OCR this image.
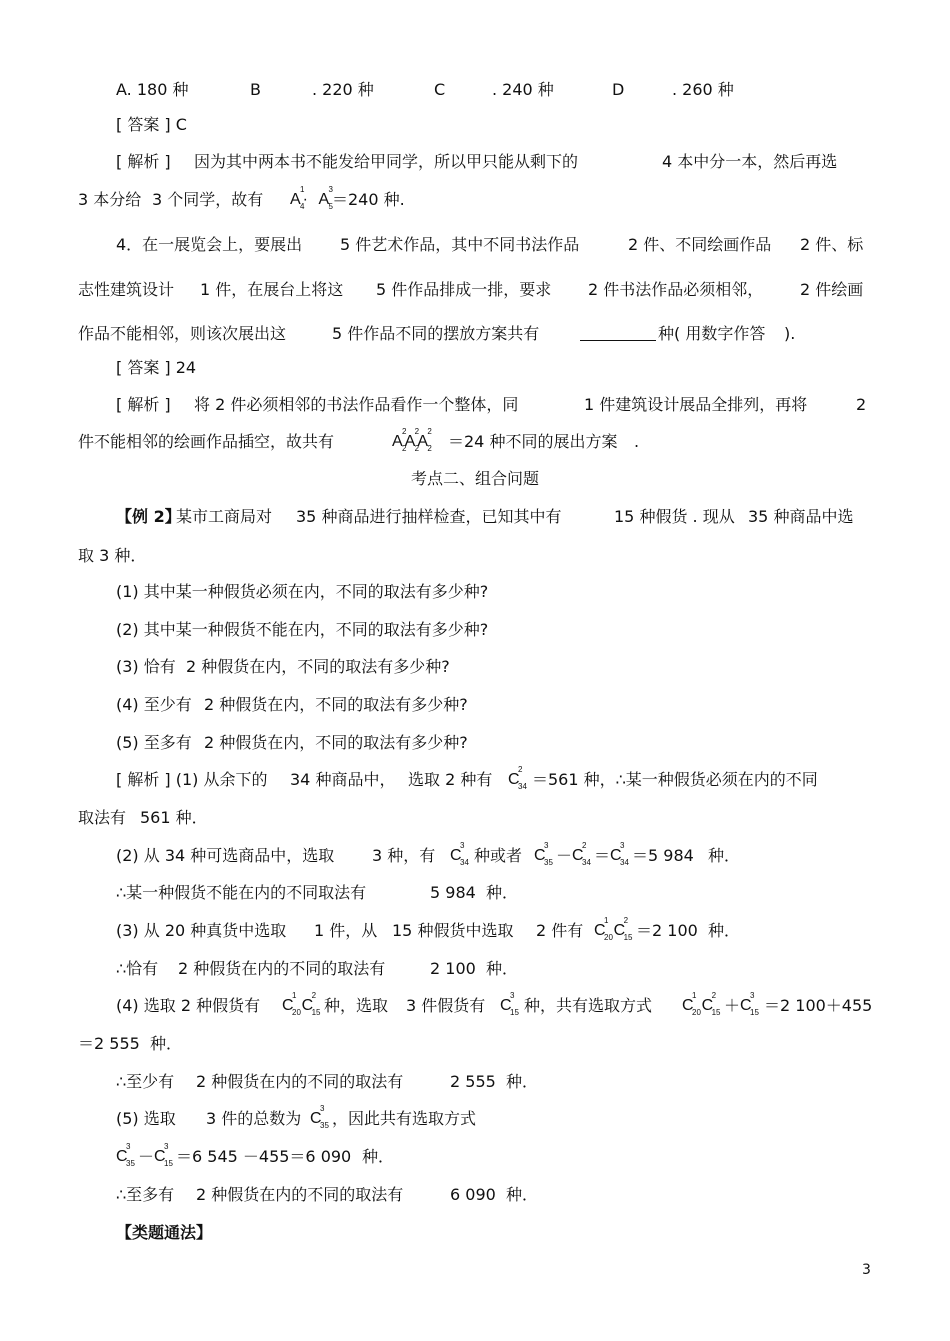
A. 180 种	B	. 220 种	C	. 240 种	D	. 260 种
[ 答案 ] C
[ 解析 ] 因为其中两本书不能发给甲同学，所以甲只能从剩下的	4 本中分一本，然后再选
3 本分给 3 个同学，故有 A
1
4
· A
3
5 ＝240 种.
4．在一展览会上，要展出 5 件艺术作品，其中不同书法作品	2 件、不同绘画作品 2 件、标
志性建筑设计 1 件，在展台上将这 5 件作品排成一排，要求 2 件书法作品必须相邻， 2 件绘画
作品不能相邻，则该次展出这	5 件作品不同的摆放方案共有	种( 用数字作答 ).
[ 答案 ] 24
[ 解析 ] 将 2 件必须相邻的书法作品看作一个整体，同	1 件建筑设计展品全排列，再将	2
件不能相邻的绘画作品插空，故共有	A
2
2
A
2
2
A
2
2 ＝24 种不同的展出方案 .
考点二、组合问题
【例 2】
某市工商局对 35 种商品进行抽样检查，已知其中有	15 种假货 . 现从 35 种商品中选
取 3 种．
(1) 其中某一种假货必须在内，不同的取法有多少种?
(2) 其中某一种假货不能在内，不同的取法有多少种?
(3) 恰有 2 种假货在内，不同的取法有多少种?
(4) 至少有 2 种假货在内，不同的取法有多少种?
(5) 至多有 2 种假货在内，不同的取法有多少种?
[ 解析 ] (1) 从余下的 34 种商品中， 选取 2 种有 C
2
34 ＝561 种，∴某一种假货必须在内的不同
取法有 561 种．
(2) 从 34 种可选商品中，选取 3 种，有 C
3
34 种或者 C
3
35 － C
2
34 ＝ C
3
34 ＝5 984 种．
∴某一种假货不能在内的不同取法有	5 984 种．
(3) 从 20 种真货中选取 1 件，从 15 种假货中选取 2 件有 C
1
20 C
2
15 ＝2 100 种．
∴恰有 2 种假货在内的不同的取法有	2 100 种．
(4) 选取 2 种假货有 C
1
20 C
2
15 种，选取 3 件假货有 C
3
15 种，共有选取方式 C
1
20 C
2
15 ＋ C
3
15 ＝2 100＋455
＝2 555 种．
∴至少有 2 种假货在内的不同的取法有	2 555 种．
(5) 选取 3 件的总数为 C
3
35 ，因此共有选取方式
C
3
35 － C
3
15 ＝6 545 －455＝6 090 种．
∴至多有 2 种假货在内的不同的取法有	6 090 种．
【类题通法】
3
